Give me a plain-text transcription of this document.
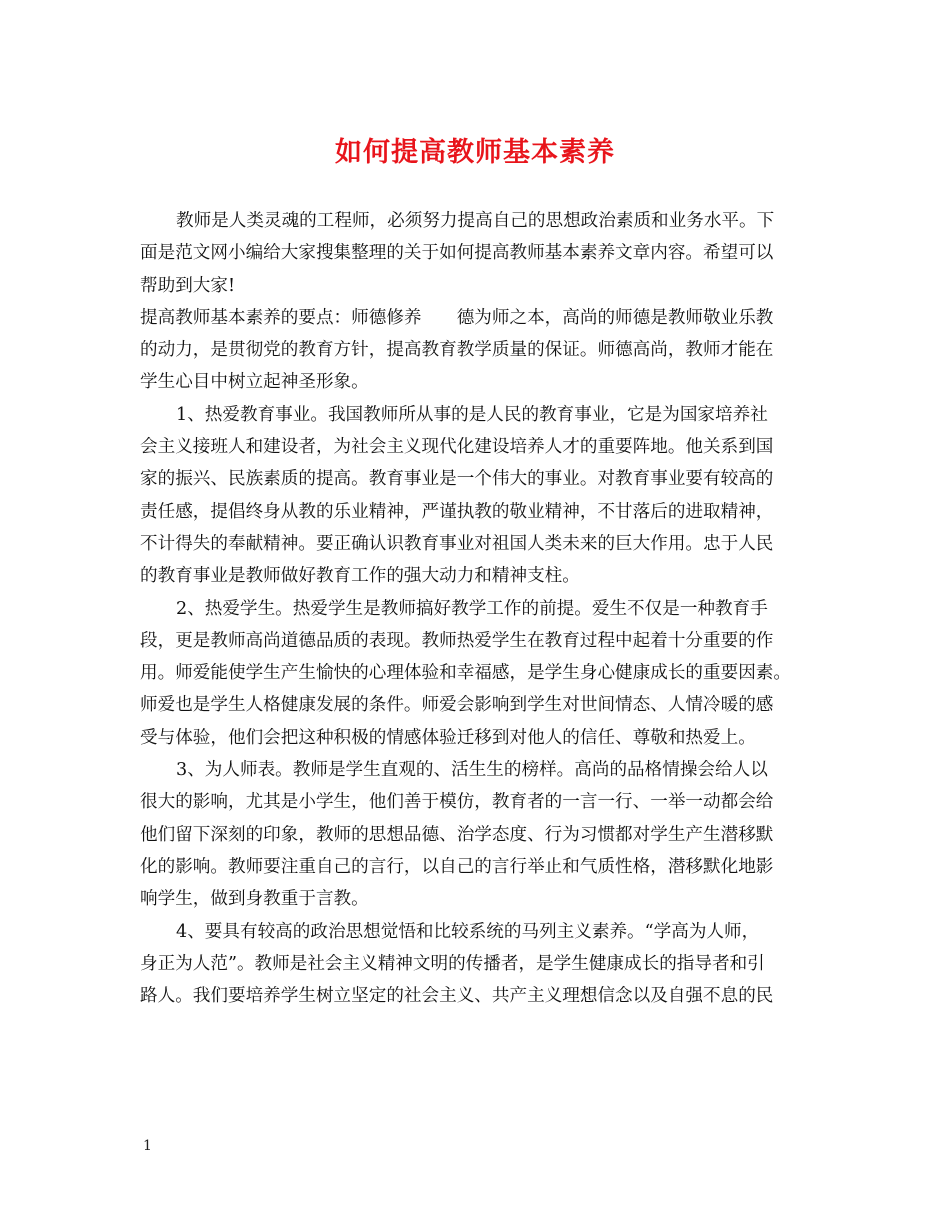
如何提高教师基本素养
教师是人类灵魂的工程师，必须努力提高自己的思想政治素质和业务水平。下
面是范文网小编给大家搜集整理的关于如何提高教师基本素养文章内容。希望可以
帮助到大家!
提高教师基本素养的要点：师德修养　　德为师之本，高尚的师德是教师敬业乐教
的动力，是贯彻党的教育方针，提高教育教学质量的保证。师德高尚，教师才能在
学生心目中树立起神圣形象。
1、热爱教育事业。我国教师所从事的是人民的教育事业，它是为国家培养社
会主义接班人和建设者，为社会主义现代化建设培养人才的重要阵地。他关系到国
家的振兴、民族素质的提高。教育事业是一个伟大的事业。对教育事业要有较高的
责任感，提倡终身从教的乐业精神，严谨执教的敬业精神，不甘落后的进取精神，
不计得失的奉献精神。要正确认识教育事业对祖国人类未来的巨大作用。忠于人民
的教育事业是教师做好教育工作的强大动力和精神支柱。
2、热爱学生。热爱学生是教师搞好教学工作的前提。爱生不仅是一种教育手
段，更是教师高尚道德品质的表现。教师热爱学生在教育过程中起着十分重要的作
用。师爱能使学生产生愉快的心理体验和幸福感，是学生身心健康成长的重要因素。
师爱也是学生人格健康发展的条件。师爱会影响到学生对世间情态、人情冷暖的感
受与体验，他们会把这种积极的情感体验迁移到对他人的信任、尊敬和热爱上。
3、为人师表。教师是学生直观的、活生生的榜样。高尚的品格情操会给人以
很大的影响，尤其是小学生，他们善于模仿，教育者的一言一行、一举一动都会给
他们留下深刻的印象，教师的思想品德、治学态度、行为习惯都对学生产生潜移默
化的影响。教师要注重自己的言行，以自己的言行举止和气质性格，潜移默化地影
响学生，做到身教重于言教。
4、要具有较高的政治思想觉悟和比较系统的马列主义素养。“学高为人师，
身正为人范”。教师是社会主义精神文明的传播者，是学生健康成长的指导者和引
路人。我们要培养学生树立坚定的社会主义、共产主义理想信念以及自强不息的民
1
